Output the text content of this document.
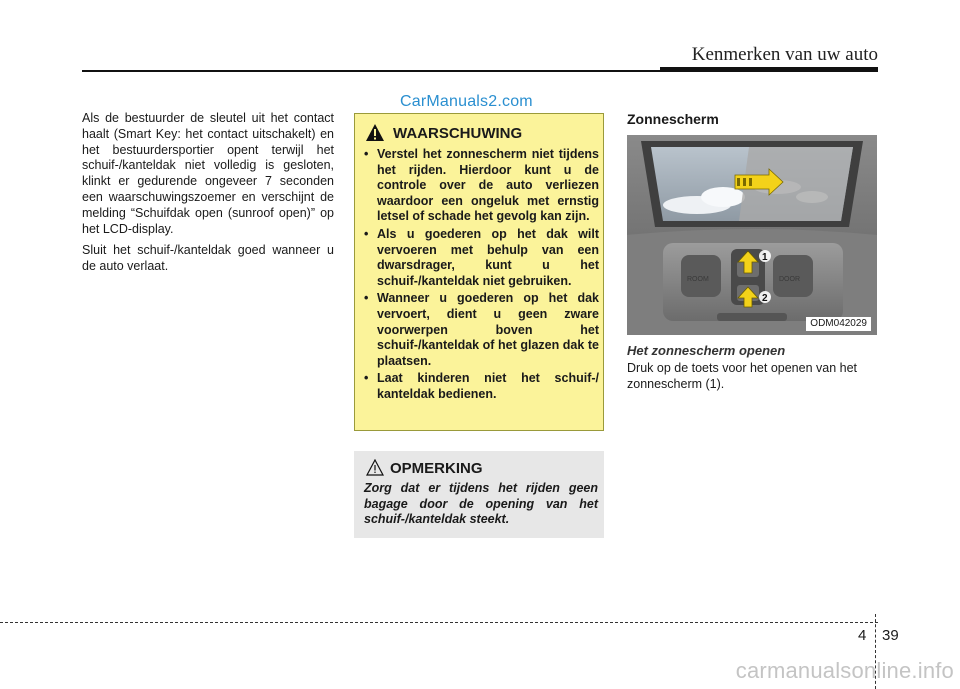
Kenmerken van uw auto

Als de bestuurder de sleutel uit het contact haalt (Smart Key: het contact uitschakelt) en het bestuurdersportier opent terwijl het schuif-/kanteldak niet volledig is gesloten, klinkt er gedurende ongeveer 7 seconden een waarschuwingszoemer en verschijnt de melding “Schuifdak open (sunroof open)” op het LCD-display.

Sluit het schuif-/kanteldak goed wanneer u de auto verlaat.

CarManuals2.com
WAARSCHUWING
• Verstel het zonnescherm niet tijdens het rijden. Hierdoor kunt u de controle over de auto verliezen waardoor een ongeluk met ernstig letsel of schade het gevolg kan zijn.
• Als u goederen op het dak wilt vervoeren met behulp van een dwarsdrager, kunt u het schuif-/kanteldak niet gebruiken.
• Wanneer u goederen op het dak vervoert, dient u geen zware voorwerpen boven het schuif-/kanteldak of het glazen dak te plaatsen.
• Laat kinderen niet het schuif-/ kanteldak bedienen.
OPMERKING
Zorg dat er tijdens het rijden geen bagage door de opening van het schuif-/kanteldak steekt.
Zonnescherm
1
2
ROOM	DOOR
ODM042029
Het zonnescherm openen
Druk op de toets voor het openen van het zonnescherm (1).
4 39
carmanualsonline.info
